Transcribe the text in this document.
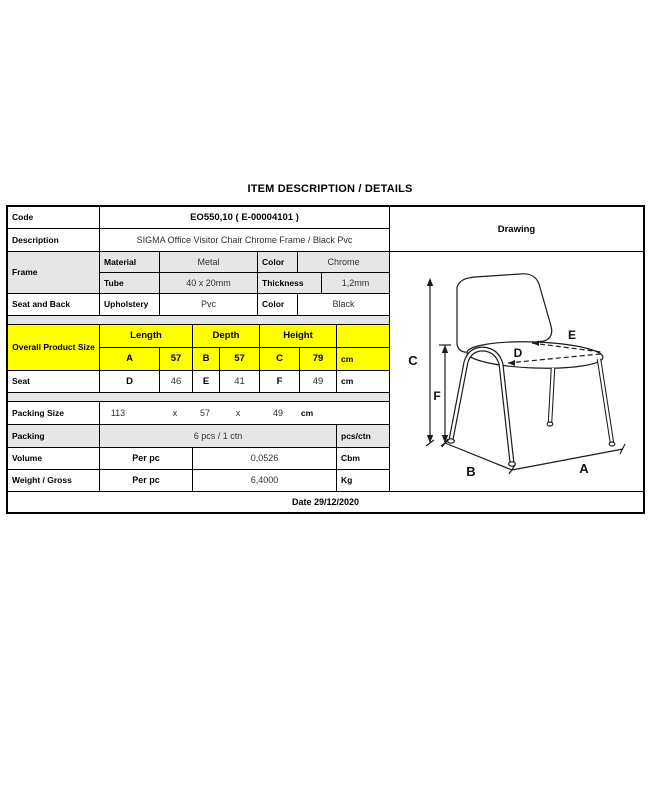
ITEM DESCRIPTION / DETAILS
Code	EO550,10 ( E-00004101 )
Description	SIGMA Office Visitor Chair Chrome Frame / Black Pvc
Drawing
Frame
Material	Metal	Color	Chrome
Tube	40 x 20mm	Thickness	1,2mm
Seat and Back	Upholstery	Pvc	Color	Black
Overall Product Size
Length	Depth	Height
A	57	B	57	C	79	cm
Seat	D	46	E	41	F	49	cm
Packing Size	113	x	57	x	49 cm
Packing	6 pcs / 1 ctn	pcs/ctn
Volume	Per pc	0,0526	Cbm
Weight / Gross	Per pc	6,4000	Kg
Date 29/12/2020
C
F
D
E
B	A
